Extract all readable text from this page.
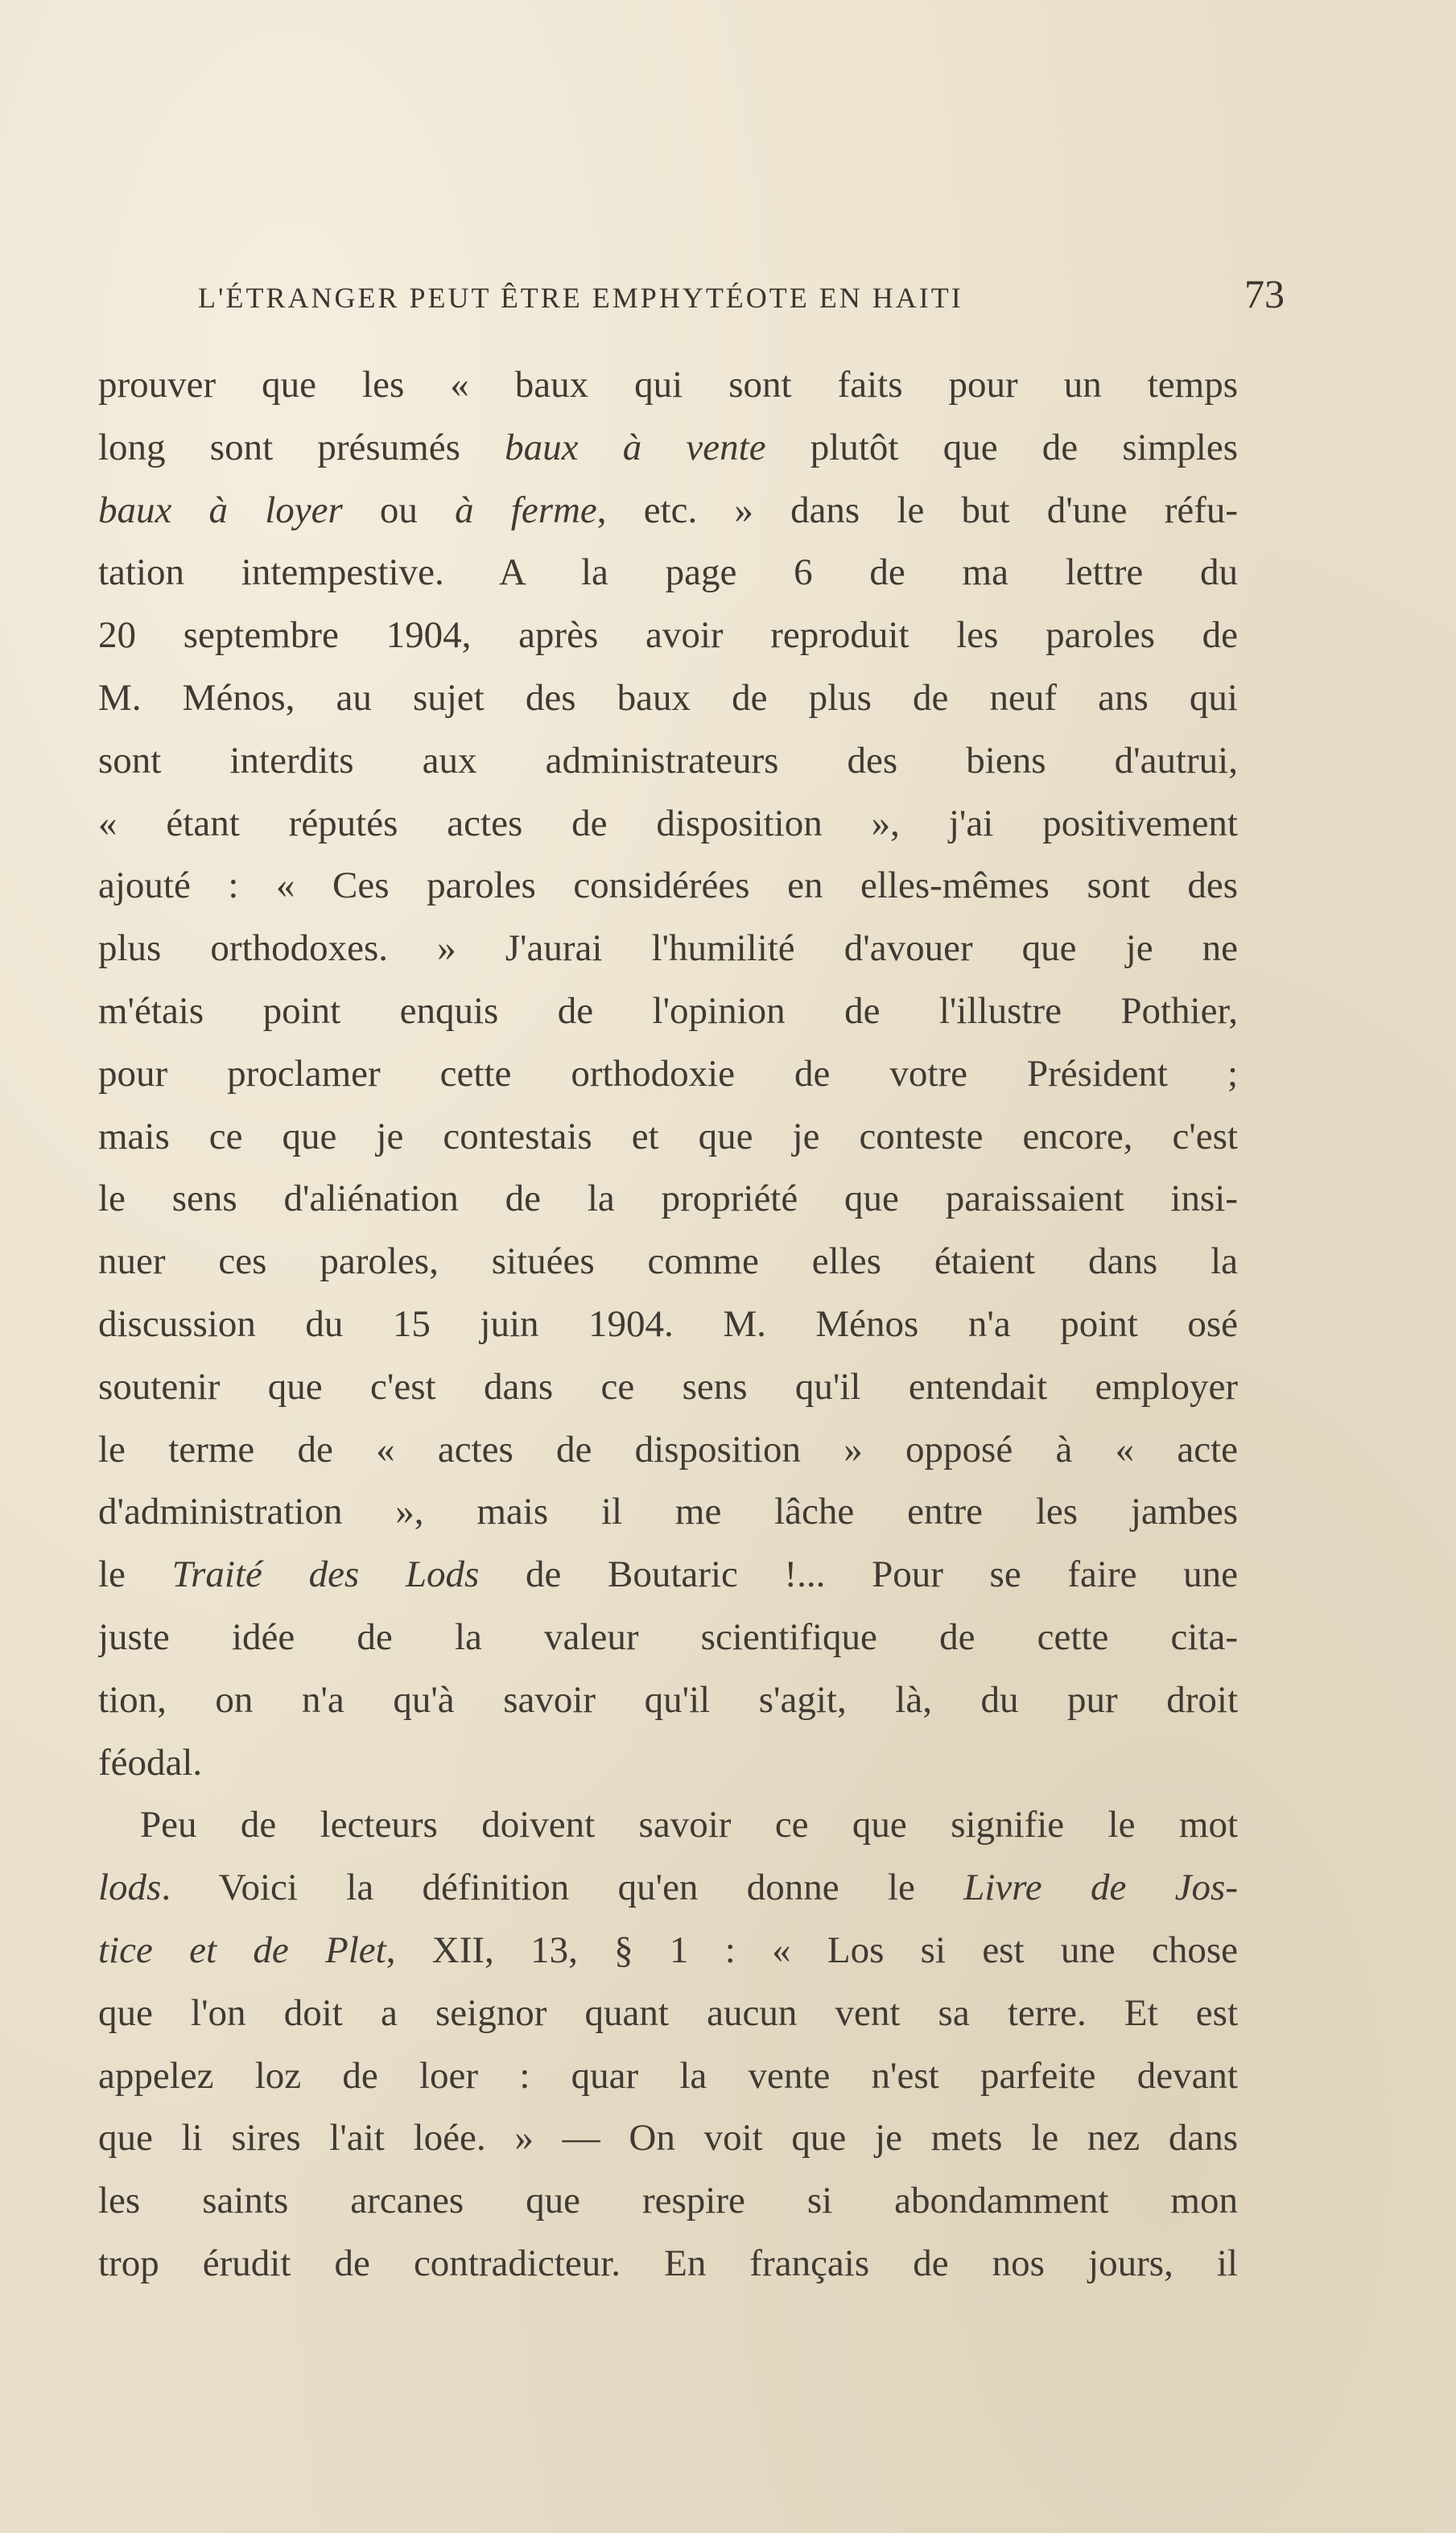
L'ÉTRANGER PEUT ÊTRE EMPHYTÉOTE EN HAITI	73
prouver que les « baux qui sont faits pour un temps
long sont présumés baux à vente plutôt que de simples
baux à loyer ou à ferme, etc. » dans le but d'une réfu-
tation intempestive. A la page 6 de ma lettre du
20 septembre 1904, après avoir reproduit les paroles de
M. Ménos, au sujet des baux de plus de neuf ans qui
sont interdits aux administrateurs des biens d'autrui,
« étant réputés actes de disposition », j'ai positivement
ajouté : « Ces paroles considérées en elles-mêmes sont des
plus orthodoxes. » J'aurai l'humilité d'avouer que je ne
m'étais point enquis de l'opinion de l'illustre Pothier,
pour proclamer cette orthodoxie de votre Président ;
mais ce que je contestais et que je conteste encore, c'est
le sens d'aliénation de la propriété que paraissaient insi-
nuer ces paroles, situées comme elles étaient dans la
discussion du 15 juin 1904. M. Ménos n'a point osé
soutenir que c'est dans ce sens qu'il entendait employer
le terme de « actes de disposition » opposé à « acte
d'administration », mais il me lâche entre les jambes
le Traité des Lods de Boutaric !... Pour se faire une
juste idée de la valeur scientifique de cette cita-
tion, on n'a qu'à savoir qu'il s'agit, là, du pur droit
féodal.
Peu de lecteurs doivent savoir ce que signifie le mot
lods. Voici la définition qu'en donne le Livre de Jos-
tice et de Plet, XII, 13, § 1 : « Los si est une chose
que l'on doit a seignor quant aucun vent sa terre. Et est
appelez loz de loer : quar la vente n'est parfeite devant
que li sires l'ait loée. » — On voit que je mets le nez dans
les saints arcanes que respire si abondamment mon
trop érudit de contradicteur. En français de nos jours, il
